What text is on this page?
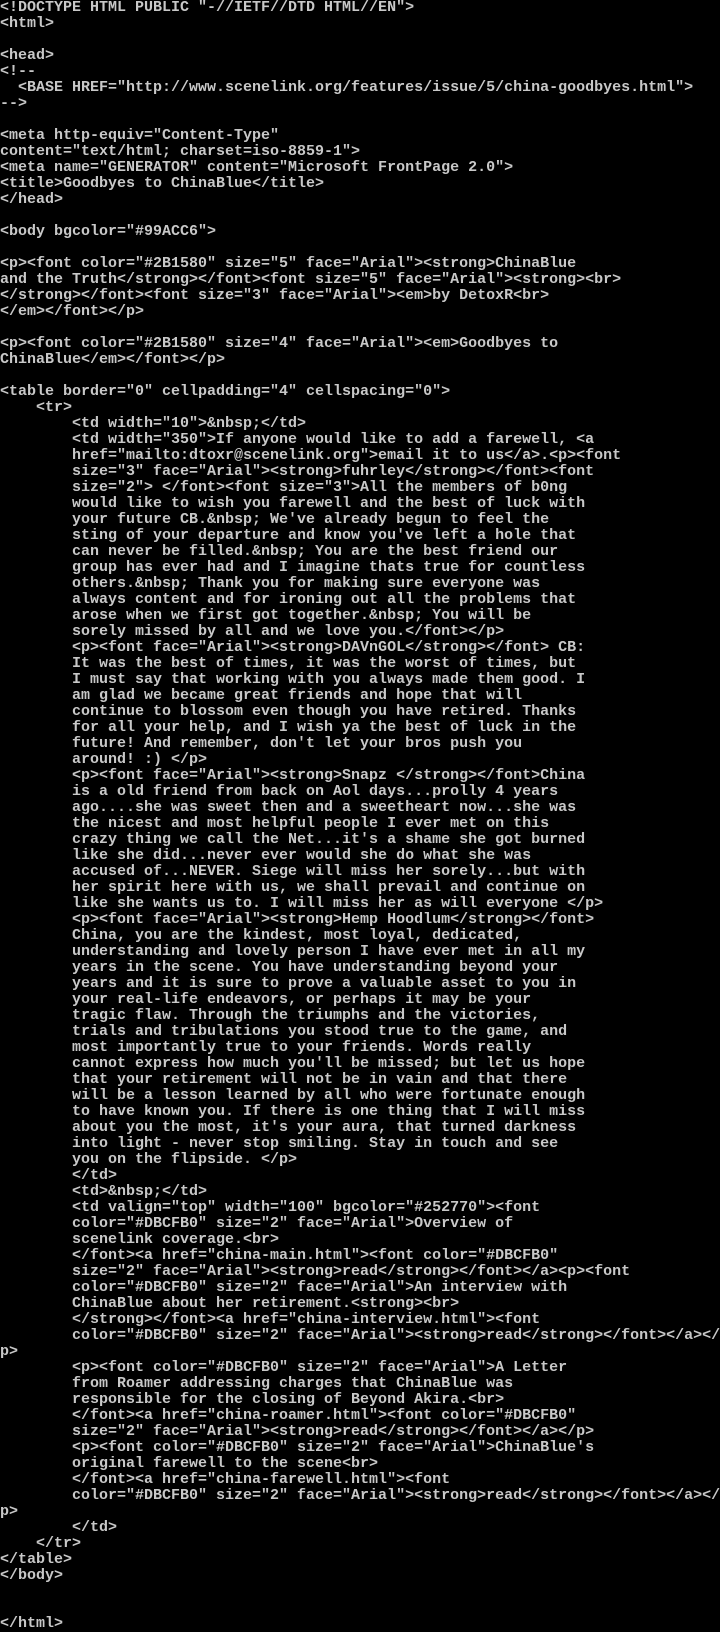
<!DOCTYPE HTML PUBLIC "-//IETF//DTD HTML//EN">
<html>
<head>
<!--
<BASE HREF="http://www.scenelink.org/features/issue/5/china-goodbyes.html">
-->
<meta http-equiv="Content-Type"
content="text/html; charset=iso-8859-1">
<meta name="GENERATOR" content="Microsoft FrontPage 2.0">
<title>Goodbyes to ChinaBlue</title>
</head>
<body bgcolor="#99ACC6">
<p><font color="#2B1580" size="5" face="Arial"><strong>ChinaBlue
and the Truth</strong></font><font size="5" face="Arial"><strong><br>
</strong></font><font size="3" face="Arial"><em>by DetoxR<br>
</em></font></p>
<p><font color="#2B1580" size="4" face="Arial"><em>Goodbyes to
ChinaBlue</em></font></p>
<table border="0" cellpadding="4" cellspacing="0">
<tr>
<td width="10">&nbsp;</td>
<td width="350">If anyone would like to add a farewell, <a
href="mailto:dtoxr@scenelink.org">email it to us</a>.<p><font
size="3" face="Arial"><strong>fuhrley</strong></font><font
size="2"> </font><font size="3">All the members of b0ng
would like to wish you farewell and the best of luck with
your future CB.&nbsp; We've already begun to feel the
sting of your departure and know you've left a hole that
can never be filled.&nbsp; You are the best friend our
group has ever had and I imagine thats true for countless
others.&nbsp; Thank you for making sure everyone was
always content and for ironing out all the problems that
arose when we first got together.&nbsp; You will be
sorely missed by all and we love you.</font></p>
<p><font face="Arial"><strong>DAVnGOL</strong></font> CB:
It was the best of times, it was the worst of times, but
I must say that working with you always made them good. I
am glad we became great friends and hope that will
continue to blossom even though you have retired. Thanks
for all your help, and I wish ya the best of luck in the
future! And remember, don't let your bros push you
around! :) </p>
<p><font face="Arial"><strong>Snapz </strong></font>China
is a old friend from back on Aol days...prolly 4 years
ago....she was sweet then and a sweetheart now...she was
the nicest and most helpful people I ever met on this
crazy thing we call the Net...it's a shame she got burned
like she did...never ever would she do what she was
accused of...NEVER. Siege will miss her sorely...but with
her spirit here with us, we shall prevail and continue on
like she wants us to. I will miss her as will everyone </p>
<p><font face="Arial"><strong>Hemp Hoodlum</strong></font>
China, you are the kindest, most loyal, dedicated,
understanding and lovely person I have ever met in all my
years in the scene. You have understanding beyond your
years and it is sure to prove a valuable asset to you in
your real-life endeavors, or perhaps it may be your
tragic flaw. Through the triumphs and the victories,
trials and tribulations you stood true to the game, and
most importantly true to your friends. Words really
cannot express how much you'll be missed; but let us hope
that your retirement will not be in vain and that there
will be a lesson learned by all who were fortunate enough
to have known you. If there is one thing that I will miss
about you the most, it's your aura, that turned darkness
into light - never stop smiling. Stay in touch and see
you on the flipside. </p>
</td>
<td>&nbsp;</td>
<td valign="top" width="100" bgcolor="#252770"><font
color="#DBCFB0" size="2" face="Arial">Overview of
scenelink coverage.<br>
</font><a href="china-main.html"><font color="#DBCFB0"
size="2" face="Arial"><strong>read</strong></font></a><p><font
color="#DBCFB0" size="2" face="Arial">An interview with
ChinaBlue about her retirement.<strong><br>
</strong></font><a href="china-interview.html"><font
color="#DBCFB0" size="2" face="Arial"><strong>read</strong></font></a></
p>
<p><font color="#DBCFB0" size="2" face="Arial">A Letter
from Roamer addressing charges that ChinaBlue was
responsible for the closing of Beyond Akira.<br>
</font><a href="china-roamer.html"><font color="#DBCFB0"
size="2" face="Arial"><strong>read</strong></font></a></p>
<p><font color="#DBCFB0" size="2" face="Arial">ChinaBlue's
original farewell to the scene<br>
</font><a href="china-farewell.html"><font
color="#DBCFB0" size="2" face="Arial"><strong>read</strong></font></a></
p>
</td>
</tr>
</table>
</body>
</html>
